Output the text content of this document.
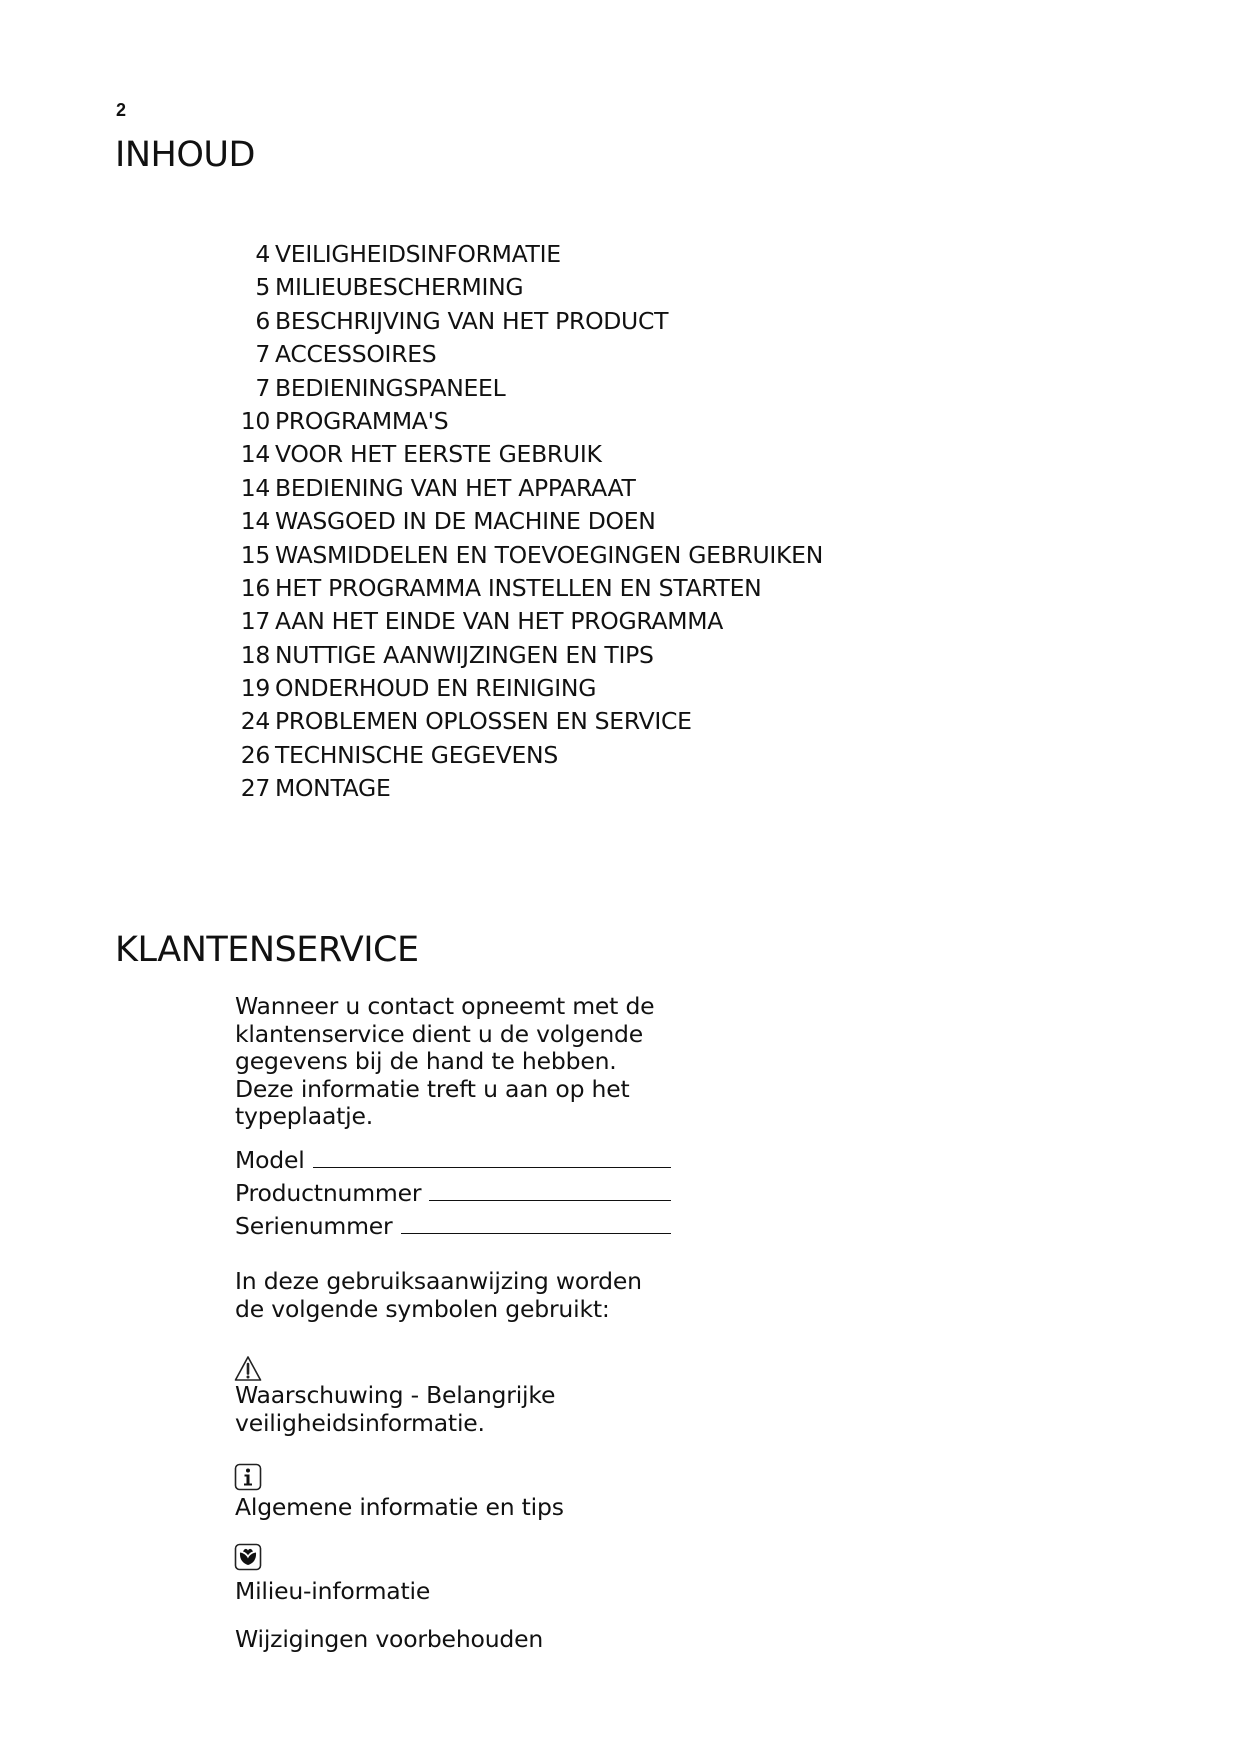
2
INHOUD
4 VEILIGHEIDSINFORMATIE
5 MILIEUBESCHERMING
6 BESCHRIJVING VAN HET PRODUCT
7 ACCESSOIRES
7 BEDIENINGSPANEEL
10 PROGRAMMA'S
14 VOOR HET EERSTE GEBRUIK
14 BEDIENING VAN HET APPARAAT
14 WASGOED IN DE MACHINE DOEN
15 WASMIDDELEN EN TOEVOEGINGEN GEBRUIKEN
16 HET PROGRAMMA INSTELLEN EN STARTEN
17 AAN HET EINDE VAN HET PROGRAMMA
18 NUTTIGE AANWIJZINGEN EN TIPS
19 ONDERHOUD EN REINIGING
24 PROBLEMEN OPLOSSEN EN SERVICE
26 TECHNISCHE GEGEVENS
27 MONTAGE
KLANTENSERVICE
Wanneer u contact opneemt met de klantenservice dient u de volgende gegevens bij de hand te hebben. Deze informatie treft u aan op het typeplaatje.
Model
Productnummer
Serienummer
In deze gebruiksaanwijzing worden de volgende symbolen gebruikt:
Waarschuwing - Belangrijke veiligheidsinformatie.
Algemene informatie en tips
Milieu-informatie
Wijzigingen voorbehouden
